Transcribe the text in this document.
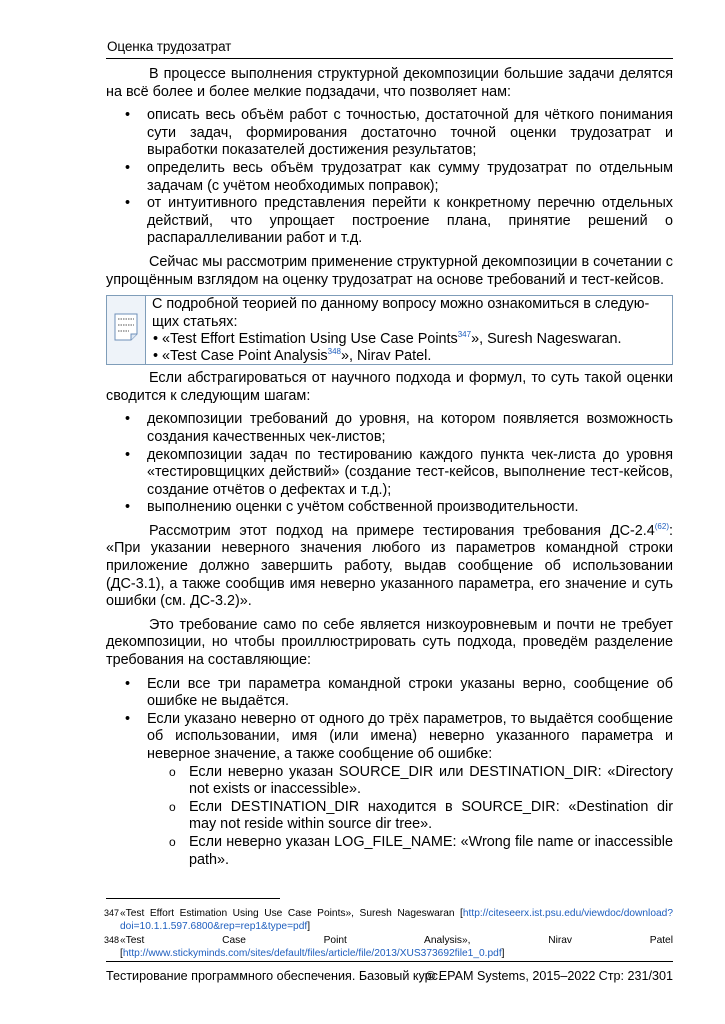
Оценка трудозатрат

В процессе выполнения структурной декомпозиции большие задачи делятся на всё более и более мелкие подзадачи, что позволяет нам:

• описать весь объём работ с точностью, достаточной для чёткого понимания сути задач, формирования достаточно точной оценки трудозатрат и выработки показателей достижения результатов;
• определить весь объём трудозатрат как сумму трудозатрат по отдельным задачам (с учётом необходимых поправок);
• от интуитивного представления перейти к конкретному перечню отдельных действий, что упрощает построение плана, принятие решений о распараллеливании работ и т.д.

Сейчас мы рассмотрим применение структурной декомпозиции в сочетании с упрощённым взглядом на оценку трудозатрат на основе требований и тест-кейсов.

С подробной теорией по данному вопросу можно ознакомиться в следую-
щих статьях:
• «Test Effort Estimation Using Use Case Points$^{347}$», Suresh Nageswaran.
• «Test Case Point Analysis$^{348}$», Nirav Patel.

Если абстрагироваться от научного подхода и формул, то суть такой оценки сводится к следующим шагам:

• декомпозиции требований до уровня, на котором появляется возможность создания качественных чек-листов;
• декомпозиции задач по тестированию каждого пункта чек-листа до уровня «тестировщицких действий» (создание тест-кейсов, выполнение тест-кейсов, создание отчётов о дефектах и т.д.);
• выполнению оценки с учётом собственной производительности.

Рассмотрим этот подход на примере тестирования требования ДС-2.4$^{(62)}$: «При указании неверного значения любого из параметров командной строки приложение должно завершить работу, выдав сообщение об использовании (ДС-3.1), а также сообщив имя неверно указанного параметра, его значение и суть ошибки (см. ДС-3.2)».

Это требование само по себе является низкоуровневым и почти не требует декомпозиции, но чтобы проиллюстрировать суть подхода, проведём разделение требования на составляющие:

• Если все три параметра командной строки указаны верно, сообщение об ошибке не выдаётся.
• Если указано неверно от одного до трёх параметров, то выдаётся сообщение об использовании, имя (или имена) неверно указанного параметра и неверное значение, а также сообщение об ошибке:
o Если неверно указан SOURCE_DIR или DESTINATION_DIR: «Directory not exists or inaccessible».
o Если DESTINATION_DIR находится в SOURCE_DIR: «Destination dir may not reside within source dir tree».
o Если неверно указан LOG_FILE_NAME: «Wrong file name or inaccessible path».
347 «Test Effort Estimation Using Use Case Points», Suresh Nageswaran [http://citeseerx.ist.psu.edu/viewdoc/download?doi=10.1.1.597.6800&rep=rep1&type=pdf]
348 «Test Case Point Analysis», Nirav Patel [http://www.stickyminds.com/sites/default/files/article/file/2013/XUS373692file1_0.pdf]
Тестирование программного обеспечения. Базовый курс.
© EPAM Systems, 2015–2022 Стр: 231/301
